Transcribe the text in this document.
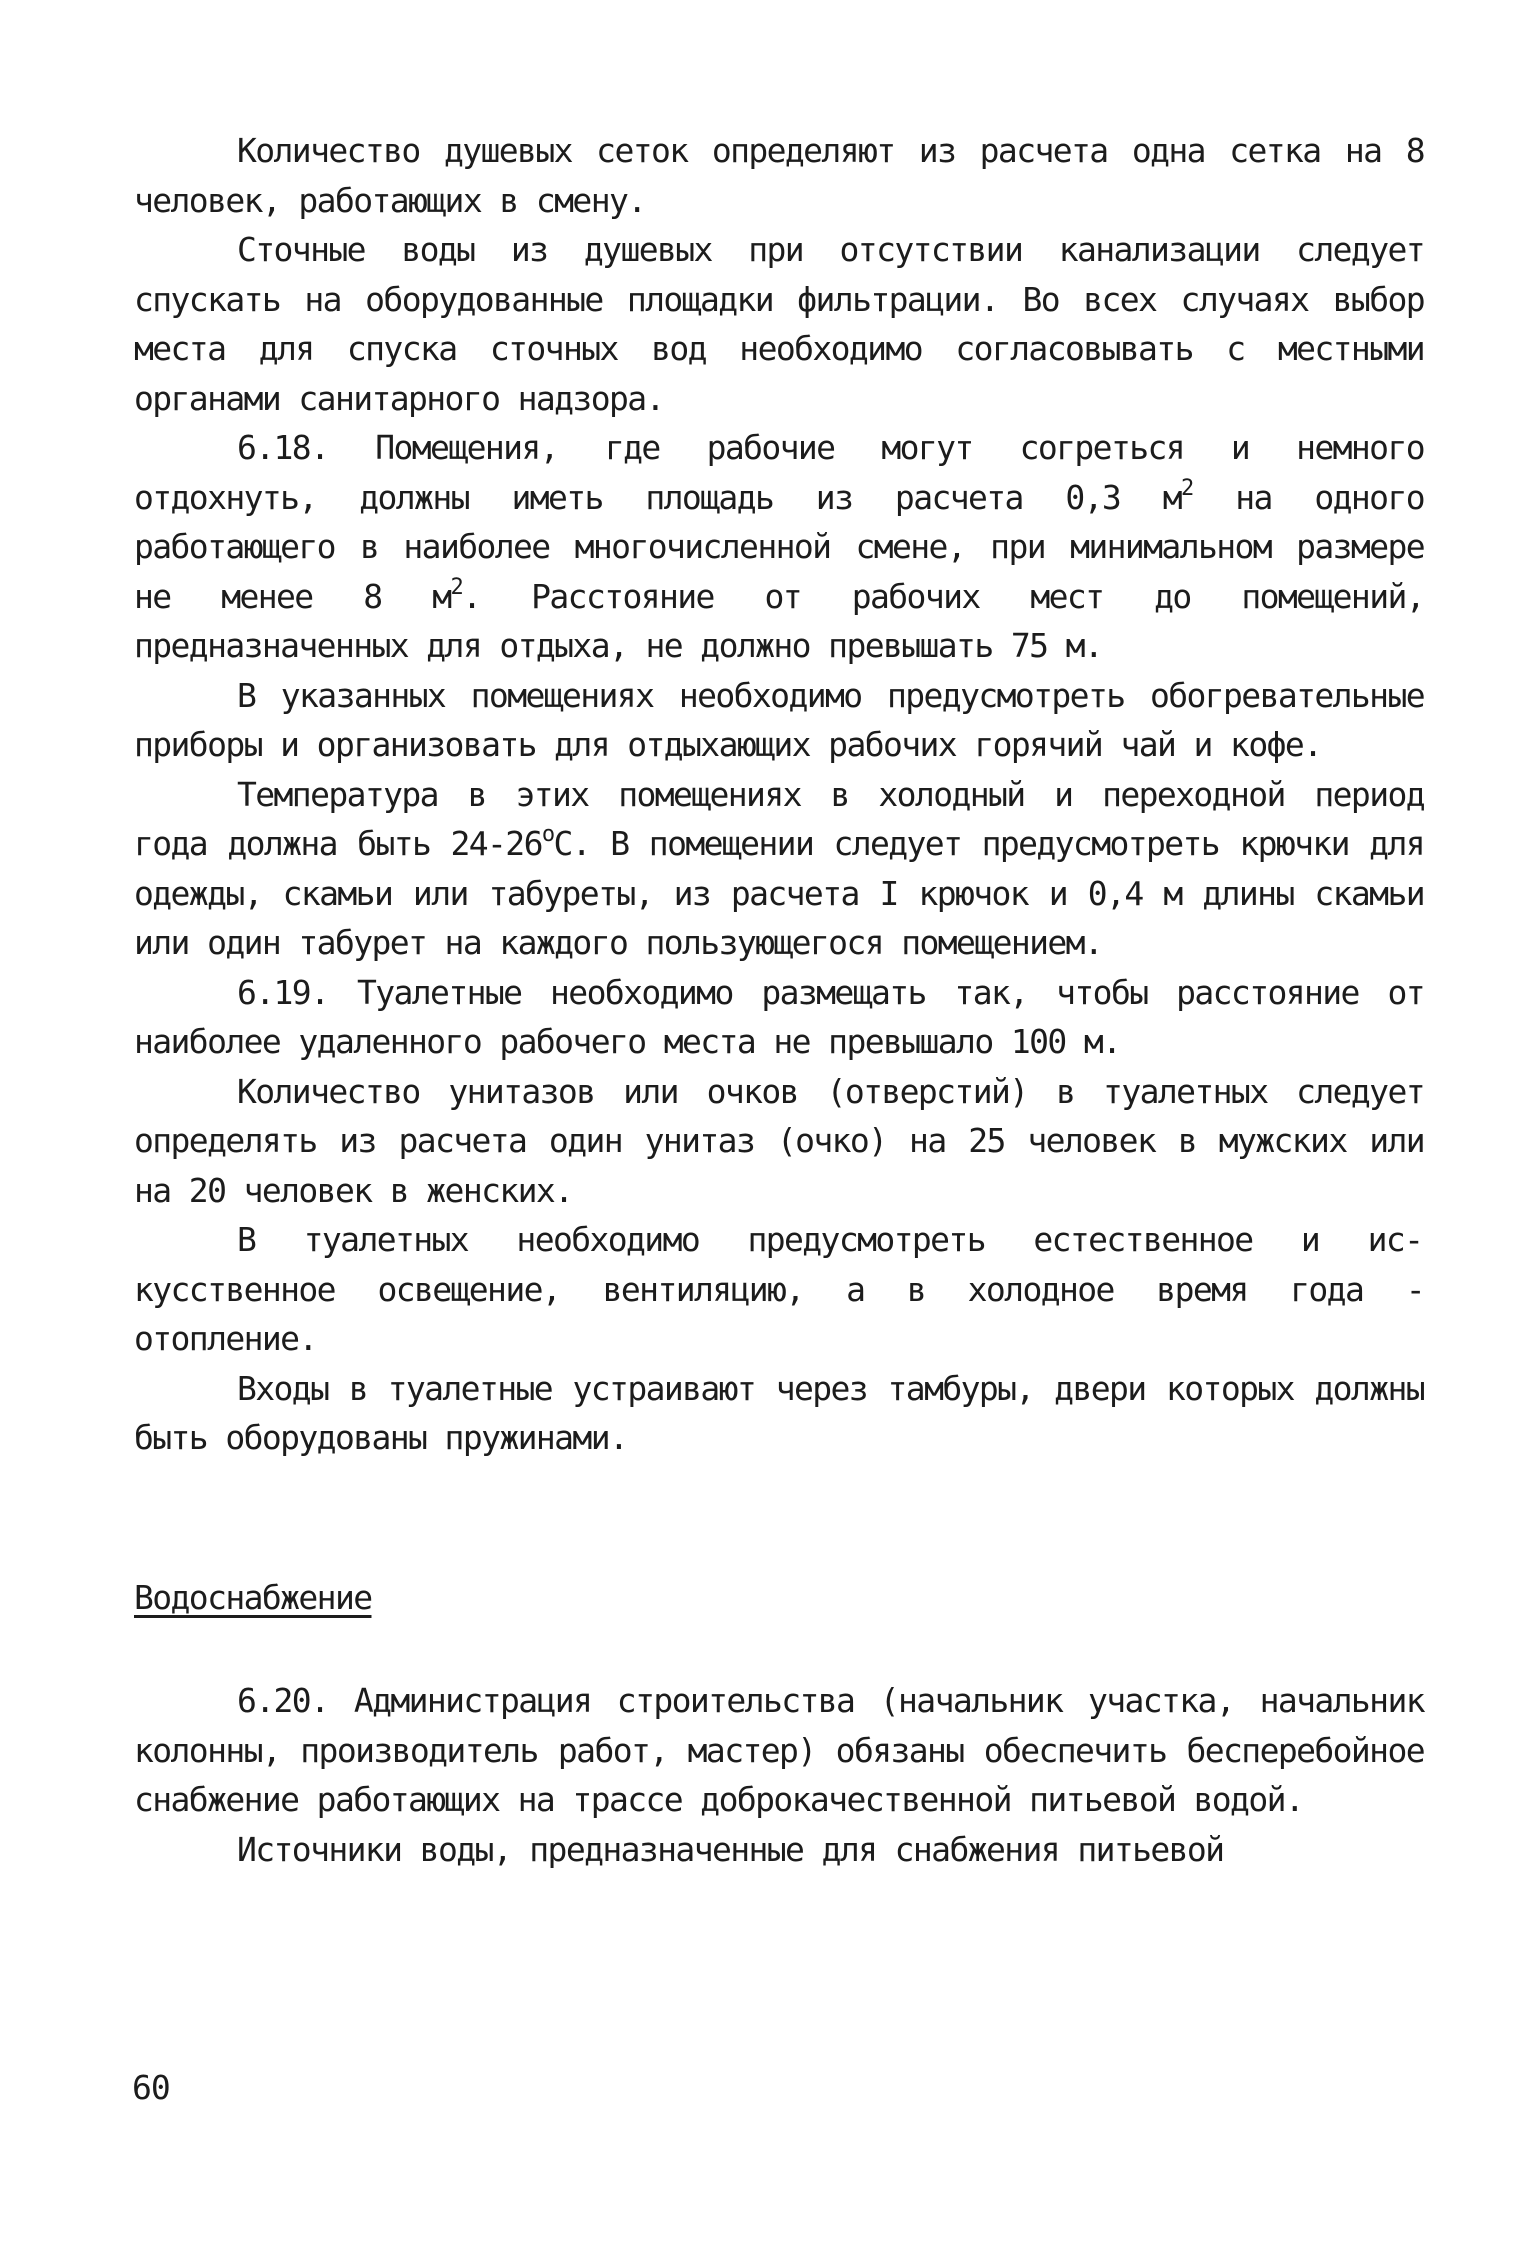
Количество душевых сеток определяют из расчета одна сетка на 8 человек, работающих в смену.

Сточные воды из душевых при отсутствии канализации следует спускать на оборудованные площадки фильтрации. Во всех случаях выбор места для спуска сточных вод необходимо согласовывать с местными органами санитарного надзора.

6.18. Помещения, где рабочие могут согреться и немного отдохнуть, должны иметь площадь из расчета 0,3 $м^2$ на одного работающего в наиболее многочисленной смене, при минимальном размере не менее 8 $м^2$. Расстояние от рабочих мест до помещений, предназначенных для отдыха, не должно превышать 75 м.

В указанных помещениях необходимо предусмотреть обогревательные приборы и организовать для отдыхающих рабочих горячий чай и кофе.

Температура в этих помещениях в холодный и переходной период года должна быть $24-26^оС$. В помещении следует предусмотреть крючки для одежды, скамьи или табуреты, из расчета I крючок и 0,4 м длины скамьи или один табурет на каждого пользующегося помещением.

6.19. Туалетные необходимо размещать так, чтобы расстояние от наиболее удаленного рабочего места не превышало 100 м.

Количество унитазов или очков (отверстий) в туалетных следует определять из расчета один унитаз (очко) на 25 человек в мужских или на 20 человек в женских.

В туалетных необходимо предусмотреть естественное и искусственное освещение, вентиляцию, а в холодное время года - отопление.

Входы в туалетные устраивают через тамбуры, двери которых должны быть оборудованы пружинами.

Водоснабжение

6.20. Администрация строительства (начальник участка, начальник колонны, производитель работ, мастер) обязаны обеспечить бесперебойное снабжение работающих на трассе доброкачественной питьевой водой.

Источники воды, предназначенные для снабжения питьевой

60
